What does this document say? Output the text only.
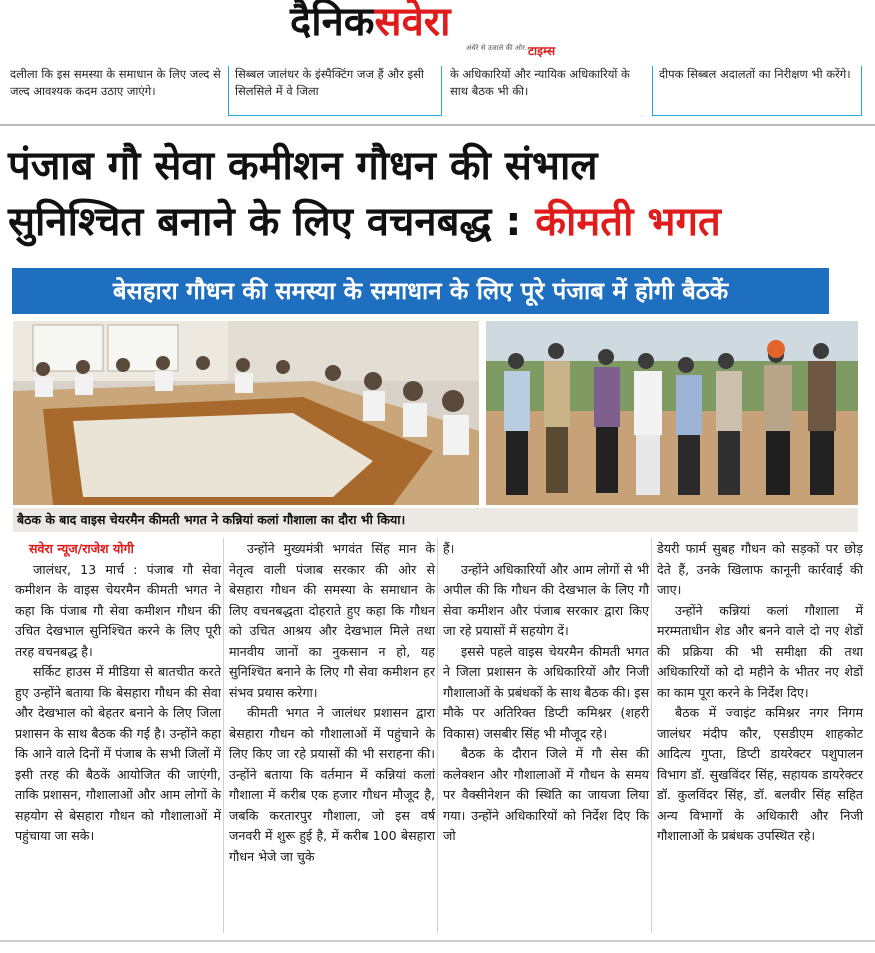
दैनिकसवेरा
अंधेरे से उजाले की ओर...
टाइम्स
दलीला कि इस समस्या के समाधान के लिए जल्द से जल्द आवश्यक कदम उठाए जाएंगे।
सिब्बल जालंधर के इंस्पैक्टिंग जज हैं और इसी सिलसिले में वे जिला
के अधिकारियों और न्यायिक अधिकारियों के साथ बैठक भी की।
दीपक सिब्बल अदालतों का निरीक्षण भी करेंगे।
पंजाब गौ सेवा कमीशन गौधन की संभाल
सुनिश्चित बनाने के लिए वचनबद्ध : कीमती भगत
बेसहारा गौधन की समस्या के समाधान के लिए पूरे पंजाब में होगी बैठकें
बैठक के बाद वाइस चेयरमैन कीमती भगत ने कन्नियां कलां गौशाला का दौरा भी किया।

सवेरा न्यूज/राजेश योगी

जालंधर, 13 मार्च : पंजाब गौ सेवा कमीशन के वाइस चेयरमैन कीमती भगत ने कहा कि पंजाब गौ सेवा कमीशन गौधन की उचित देखभाल सुनिश्चित करने के लिए पूरी तरह वचनबद्ध है।

सर्किट हाउस में मीडिया से बातचीत करते हुए उन्होंने बताया कि बेसहारा गौधन की सेवा और देखभाल को बेहतर बनाने के लिए जिला प्रशासन के साथ बैठक की गई है। उन्होंने कहा कि आने वाले दिनों में पंजाब के सभी जिलों में इसी तरह की बैठकें आयोजित की जाएंगी, ताकि प्रशासन, गौशालाओं और आम लोगों के सहयोग से बेसहारा गौधन को गौशालाओं में पहुंचाया जा सके।

उन्होंने मुख्यमंत्री भगवंत सिंह मान के नेतृत्व वाली पंजाब सरकार की ओर से बेसहारा गौधन की समस्या के समाधान के लिए वचनबद्धता दोहराते हुए कहा कि गौधन को उचित आश्रय और देखभाल मिले तथा मानवीय जानों का नुकसान न हो, यह सुनिश्चित बनाने के लिए गौ सेवा कमीशन हर संभव प्रयास करेगा।

कीमती भगत ने जालंधर प्रशासन द्वारा बेसहारा गौधन को गौशालाओं में पहुंचाने के लिए किए जा रहे प्रयासों की भी सराहना की। उन्होंने बताया कि वर्तमान में कन्नियां कलां गौशाला में करीब एक हजार गौधन मौजूद है, जबकि करतारपुर गौशाला, जो इस वर्ष जनवरी में शुरू हुई है, में करीब 100 बेसहारा गौधन भेजे जा चुके

हैं।

उन्होंने अधिकारियों और आम लोगों से भी अपील की कि गौधन की देखभाल के लिए गौ सेवा कमीशन और पंजाब सरकार द्वारा किए जा रहे प्रयासों में सहयोग दें।

इससे पहले वाइस चेयरमैन कीमती भगत ने जिला प्रशासन के अधिकारियों और निजी गौशालाओं के प्रबंधकों के साथ बैठक की। इस मौके पर अतिरिक्त डिप्टी कमिश्नर (शहरी विकास) जसबीर सिंह भी मौजूद रहे।

बैठक के दौरान जिले में गौ सेस की कलेक्शन और गौशालाओं में गौधन के समय पर वैक्सीनेशन की स्थिति का जायजा लिया गया। उन्होंने अधिकारियों को निर्देश दिए कि जो

डेयरी फार्म सुबह गौधन को सड़कों पर छोड़ देते हैं, उनके खिलाफ कानूनी कार्रवाई की जाए।

उन्होंने कन्नियां कलां गौशाला में मरम्मताधीन शेड और बनने वाले दो नए शेडों की प्रक्रिया की भी समीक्षा की तथा अधिकारियों को दो महीने के भीतर नए शेडों का काम पूरा करने के निर्देश दिए।

बैठक में ज्वाइंट कमिश्नर नगर निगम जालंधर मंदीप कौर, एसडीएम शाहकोट आदित्य गुप्ता, डिप्टी डायरेक्टर पशुपालन विभाग डॉ. सुखविंदर सिंह, सहायक डायरेक्टर डॉ. कुलविंदर सिंह, डॉ. बलवीर सिंह सहित अन्य विभागों के अधिकारी और निजी गौशालाओं के प्रबंधक उपस्थित रहे।
